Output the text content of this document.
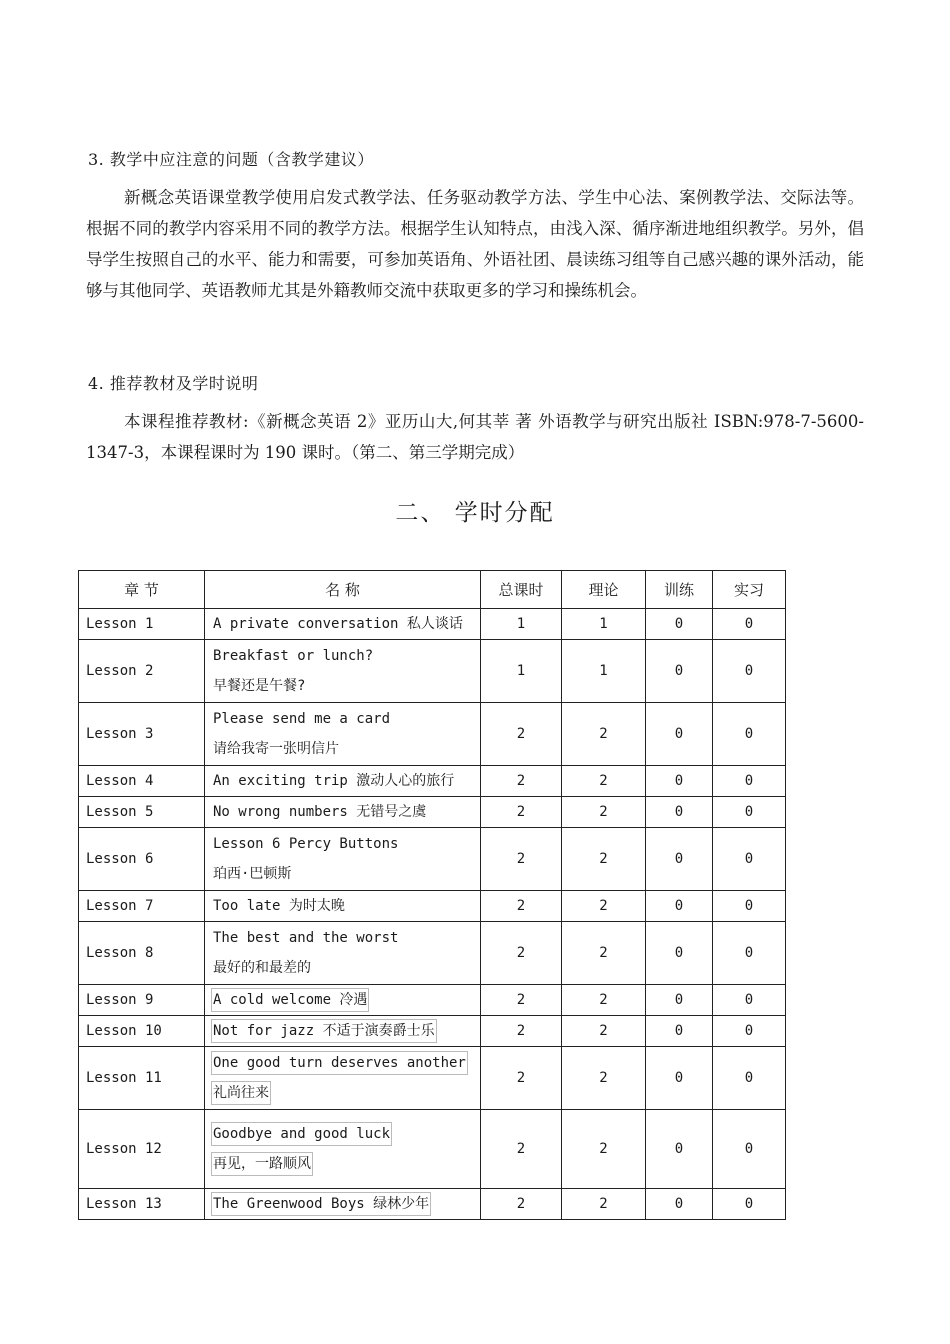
3. 教学中应注意的问题（含教学建议）
新概念英语课堂教学使用启发式教学法、任务驱动教学方法、学生中心法、案例教学法、交际法等。根据不同的教学内容采用不同的教学方法。根据学生认知特点，由浅入深、循序渐进地组织教学。另外，倡导学生按照自己的水平、能力和需要，可参加英语角、外语社团、晨读练习组等自己感兴趣的课外活动，能够与其他同学、英语教师尤其是外籍教师交流中获取更多的学习和操练机会。
4. 推荐教材及学时说明
本课程推荐教材:《新概念英语 2》亚历山大,何其莘 著 外语教学与研究出版社 ISBN:978-7-5600-1347-3，本课程课时为 190 课时。（第二、第三学期完成）
二、 学时分配
章 节	名 称	总课时	理论	训练	实习
Lesson 1	A private conversation 私人谈话	1	1	0	0
Lesson 2	Breakfast or lunch?
早餐还是午餐?	1	1	0	0
Lesson 3	Please send me a card
请给我寄一张明信片	2	2	0	0
Lesson 4	An exciting trip 激动人心的旅行	2	2	0	0
Lesson 5	No wrong numbers 无错号之虞	2	2	0	0
Lesson 6	Lesson 6 Percy Buttons
珀西·巴顿斯	2	2	0	0
Lesson 7	Too late 为时太晚	2	2	0	0
Lesson 8	The best and the worst
最好的和最差的	2	2	0	0
Lesson 9	A cold welcome 冷遇	2	2	0	0
Lesson 10	Not for jazz 不适于演奏爵士乐	2	2	0	0
Lesson 11	One good turn deserves another
礼尚往来	2	2	0	0
Lesson 12	Goodbye and good luck
再见，一路顺风	2	2	0	0
Lesson 13	The Greenwood Boys 绿林少年	2	2	0	0
